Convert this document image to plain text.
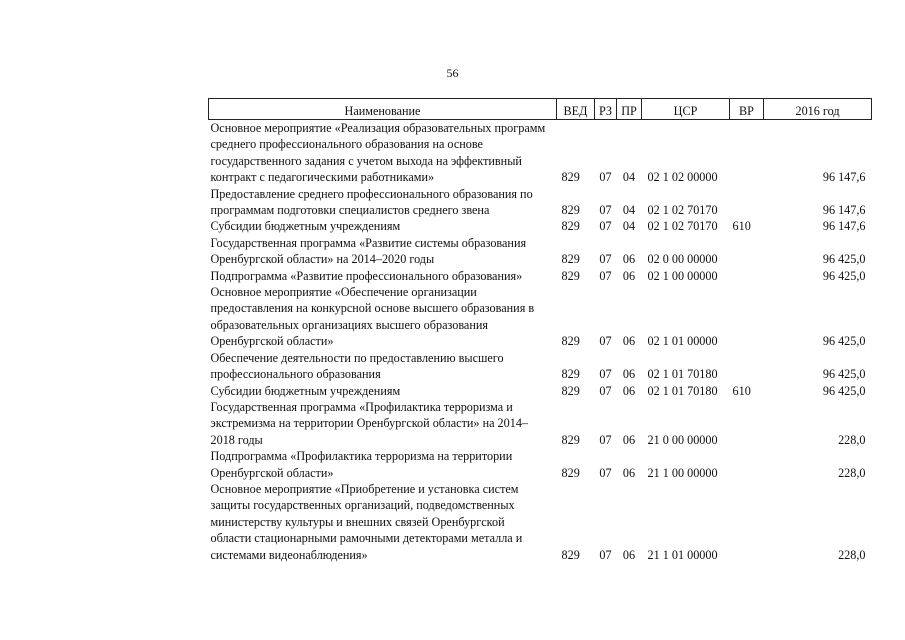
56
Наименование	ВЕД	РЗ	ПР	ЦСР	ВР	2016 год
Основное мероприятие «Реализация образовательных программ среднего профессионального образования на основе государственного задания с учетом выхода на эффективный контракт с педагогическими работниками»	829	07	04	02 1 02 00000		96 147,6
Предоставление среднего профессионального образования по программам подготовки специалистов среднего звена	829	07	04	02 1 02 70170		96 147,6
Субсидии бюджетным учреждениям	829	07	04	02 1 02 70170	610	96 147,6
Государственная программа «Развитие системы образования Оренбургской области» на 2014–2020 годы	829	07	06	02 0 00 00000		96 425,0
Подпрограмма «Развитие профессионального образования»	829	07	06	02 1 00 00000		96 425,0
Основное мероприятие «Обеспечение организации предоставления на конкурсной основе высшего образования в образовательных организациях высшего образования Оренбургской области»	829	07	06	02 1 01 00000		96 425,0
Обеспечение деятельности по предоставлению высшего профессионального образования	829	07	06	02 1 01 70180		96 425,0
Субсидии бюджетным учреждениям	829	07	06	02 1 01 70180	610	96 425,0
Государственная программа «Профилактика терроризма и экстремизма на территории Оренбургской области» на 2014–2018 годы	829	07	06	21 0 00 00000		228,0
Подпрограмма «Профилактика терроризма на территории Оренбургской области»	829	07	06	21 1 00 00000		228,0
Основное мероприятие «Приобретение и установка систем защиты государственных организаций, подведомственных министерству культуры и внешних связей Оренбургской области стационарными рамочными детекторами металла и системами видеонаблюдения»	829	07	06	21 1 01 00000		228,0
